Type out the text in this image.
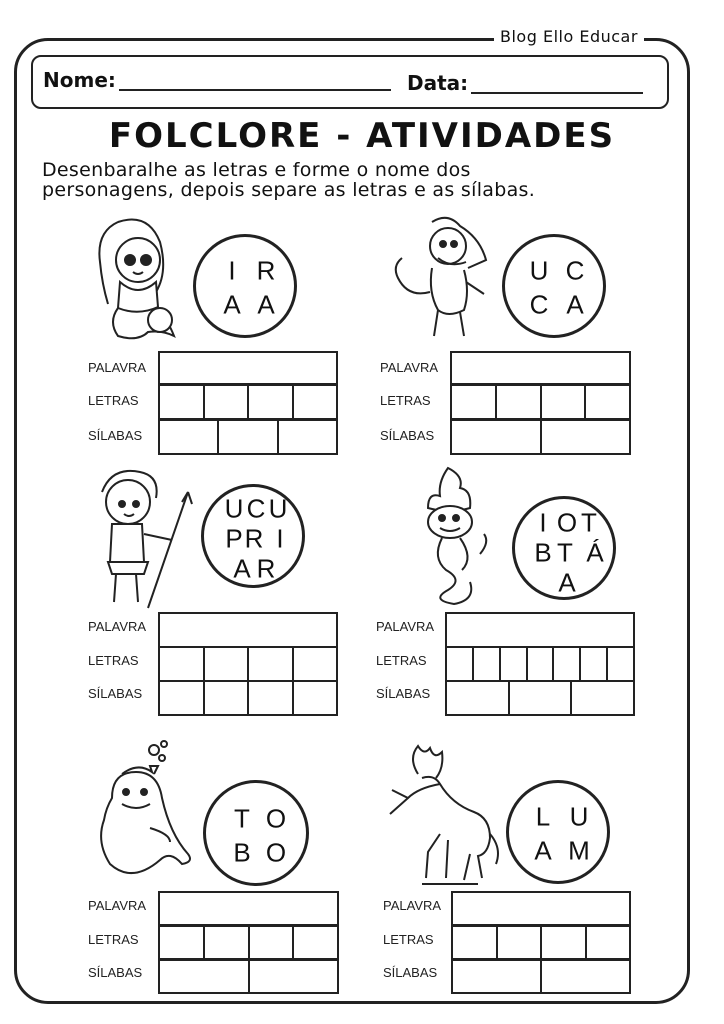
Blog Ello Educar
Nome:	Data:
FOLCLORE - ATIVIDADES
Desenbaralhe as letras e forme o nome dos
personagens, depois separe as letras e as sílabas.
I R
A A
PALAVRA
LETRAS
SÍLABAS
U C
C A
PALAVRA
LETRAS
SÍLABAS
U C U
P R I
A R
PALAVRA
LETRAS
SÍLABAS
I O T
B T Á
A
PALAVRA
LETRAS
SÍLABAS
T O
B O
PALAVRA
LETRAS
SÍLABAS
L U
A M
PALAVRA
LETRAS
SÍLABAS
